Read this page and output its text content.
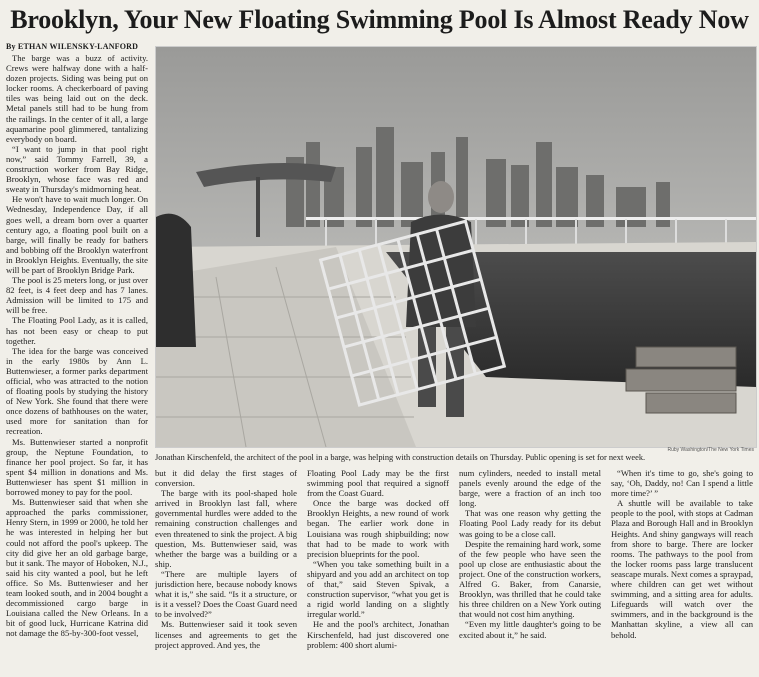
Brooklyn, Your New Floating Swimming Pool Is Almost Ready Now
By ETHAN WILENSKY-LANFORD

The barge was a buzz of activity. Crews were halfway done with a half-dozen projects. Siding was being put on locker rooms. A checkerboard of paving tiles was being laid out on the deck. Metal panels still had to be hung from the railings. In the center of it all, a large aquamarine pool glimmered, tantalizing everybody on board.

“I want to jump in that pool right now,” said Tommy Farrell, 39, a construction worker from Bay Ridge, Brooklyn, whose face was red and sweaty in Thursday's midmorning heat.

He won't have to wait much longer. On Wednesday, Independence Day, if all goes well, a dream born over a quarter century ago, a floating pool built on a barge, will finally be ready for bathers and bobbing off the Brooklyn waterfront in Brooklyn Heights. Eventually, the site will be part of Brooklyn Bridge Park.

The pool is 25 meters long, or just over 82 feet, is 4 feet deep and has 7 lanes. Admission will be limited to 175 and will be free.

The Floating Pool Lady, as it is called, has not been easy or cheap to put together.

The idea for the barge was conceived in the early 1980s by Ann L. Buttenwieser, a former parks department official, who was attracted to the notion of floating pools by studying the history of New York. She found that there were once dozens of bathhouses on the water, used more for sanitation than for recreation.

Ms. Buttenwieser started a nonprofit group, the Neptune Foundation, to finance her pool project. So far, it has spent $4 million in donations and Ms. Buttenwieser has spent $1 million in borrowed money to pay for the pool.

Ms. Buttenwieser said that when she approached the parks commissioner, Henry Stern, in 1999 or 2000, he told her he was interested in helping her but could not afford the pool's upkeep. The city did give her an old garbage barge, but it sank. The mayor of Hoboken, N.J., said his city wanted a pool, but he left office. So Ms. Buttenwieser and her team looked south, and in 2004 bought a decommissioned cargo barge in Louisiana called the New Orleans. In a bit of good luck, Hurricane Katrina did not damage the 85-by-300-foot vessel,

Ruby Washington/The New York Times
Jonathan Kirschenfeld, the architect of the pool in a barge, was helping with construction details on Thursday. Public opening is set for next week.

but it did delay the first stages of conversion.

The barge with its pool-shaped hole arrived in Brooklyn last fall, where governmental hurdles were added to the remaining construction challenges and even threatened to sink the project. A big question, Ms. Buttenwieser said, was whether the barge was a building or a ship.

“There are multiple layers of jurisdiction here, because nobody knows what it is,” she said. “Is it a structure, or is it a vessel? Does the Coast Guard need to be involved?”

Ms. Buttenwieser said it took seven licenses and agreements to get the project approved. And yes, the

Floating Pool Lady may be the first swimming pool that required a signoff from the Coast Guard.

Once the barge was docked off Brooklyn Heights, a new round of work began. The earlier work done in Louisiana was rough shipbuilding; now that had to be made to work with precision blueprints for the pool.

“When you take something built in a shipyard and you add an architect on top of that,” said Steven Spivak, a construction supervisor, “what you get is a rigid world landing on a slightly irregular world.”

He and the pool's architect, Jonathan Kirschenfeld, had just discovered one problem: 400 short alumi-

num cylinders, needed to install metal panels evenly around the edge of the barge, were a fraction of an inch too long.

That was one reason why getting the Floating Pool Lady ready for its debut was going to be a close call.

Despite the remaining hard work, some of the few people who have seen the pool up close are enthusiastic about the project. One of the construction workers, Alfred G. Baker, from Canarsie, Brooklyn, was thrilled that he could take his three children on a New York outing that would not cost him anything.

“Even my little daughter's going to be excited about it,” he said.

“When it's time to go, she's going to say, ‘Oh, Daddy, no! Can I spend a little more time?’ ”

A shuttle will be available to take people to the pool, with stops at Cadman Plaza and Borough Hall and in Brooklyn Heights. And shiny gangways will reach from shore to barge. There are locker rooms. The pathways to the pool from the locker rooms pass large translucent seascape murals. Next comes a spraypad, where children can get wet without swimming, and a sitting area for adults. Lifeguards will watch over the swimmers, and in the background is the Manhattan skyline, a view all can behold.
